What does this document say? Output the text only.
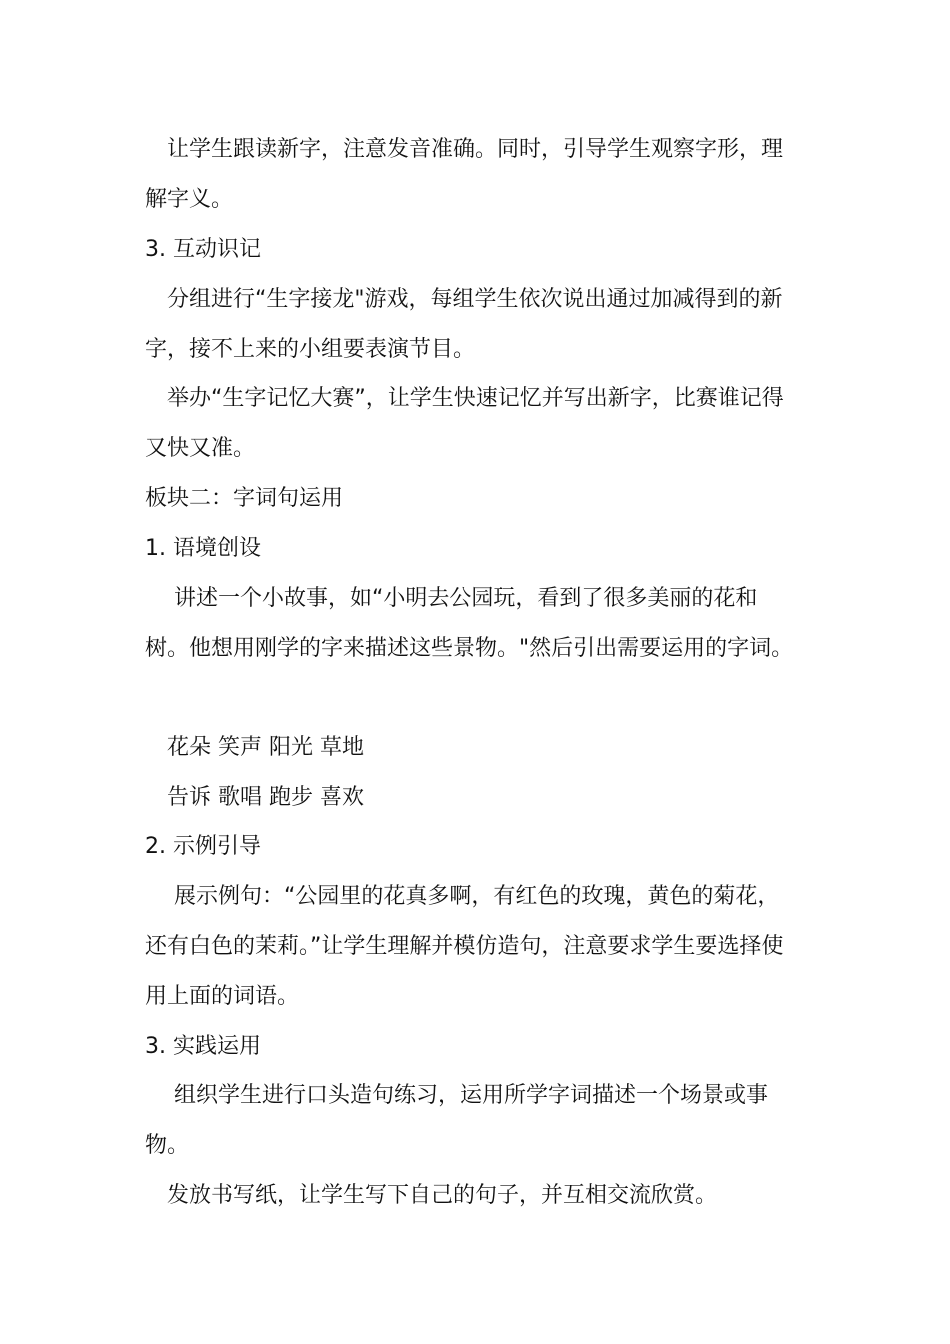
　让学生跟读新字，注意发音准确。同时，引导学生观察字形，理
解字义。
3. 互动识记
　分组进行“生字接龙"游戏，每组学生依次说出通过加减得到的新
字，接不上来的小组要表演节目。
　举办“生字记忆大赛”，让学生快速记忆并写出新字，比赛谁记得
又快又准。
板块二：字词句运用
1. 语境创设
　 讲述一个小故事，如“小明去公园玩，看到了很多美丽的花和
树。他想用刚学的字来描述这些景物。"然后引出需要运用的字词。
　花朵 笑声 阳光 草地
　告诉 歌唱 跑步 喜欢
2. 示例引导
　 展示例句：“公园里的花真多啊，有红色的玫瑰，黄色的菊花，
还有白色的茉莉。”让学生理解并模仿造句，注意要求学生要选择使
用上面的词语。
3. 实践运用
　 组织学生进行口头造句练习，运用所学字词描述一个场景或事
物。
　发放书写纸，让学生写下自己的句子，并互相交流欣赏。
